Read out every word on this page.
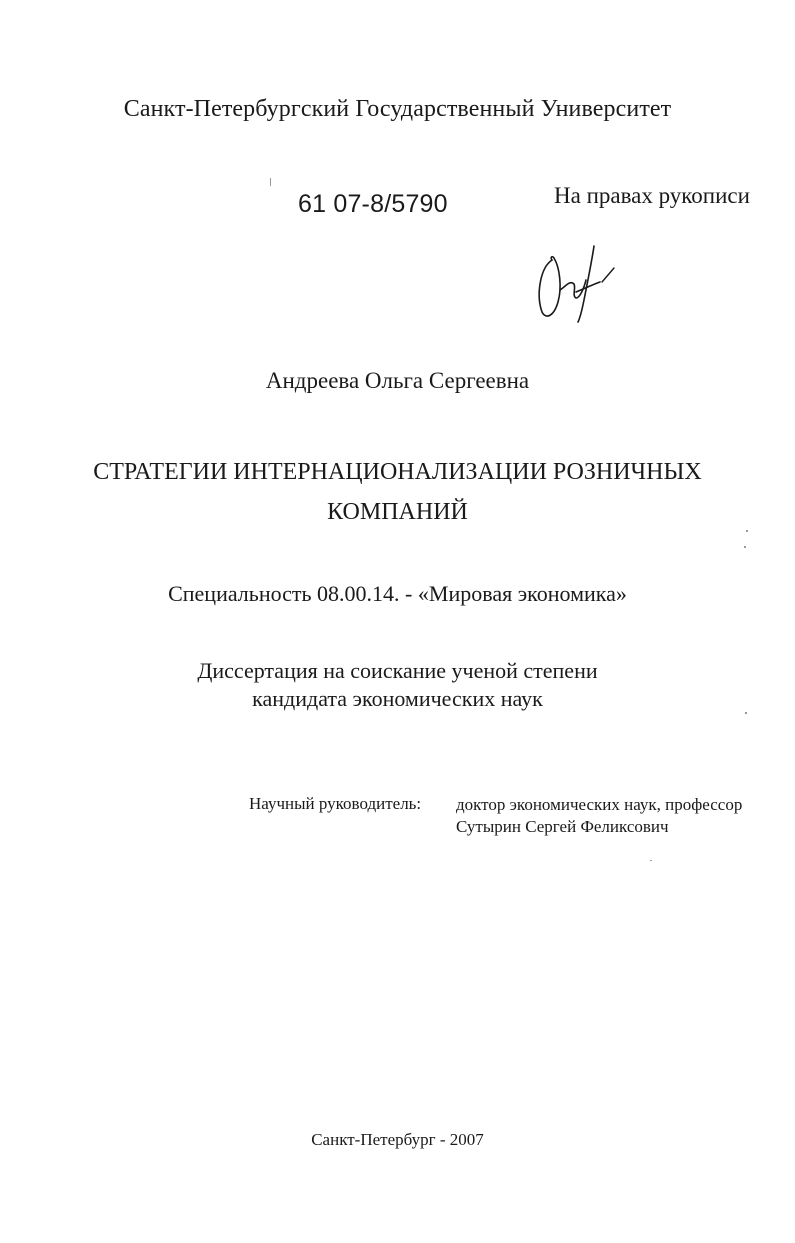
Санкт-Петербургский Государственный Университет
61 07-8/5790	На правах рукописи
Андреева Ольга Сергеевна
СТРАТЕГИИ ИНТЕРНАЦИОНАЛИЗАЦИИ РОЗНИЧНЫХ
КОМПАНИЙ
Специальность 08.00.14. - «Мировая экономика»
Диссертация на соискание ученой степени
кандидата экономических наук
Научный руководитель: доктор экономических наук, профессор
Сутырин Сергей Феликсович
Санкт-Петербург - 2007
